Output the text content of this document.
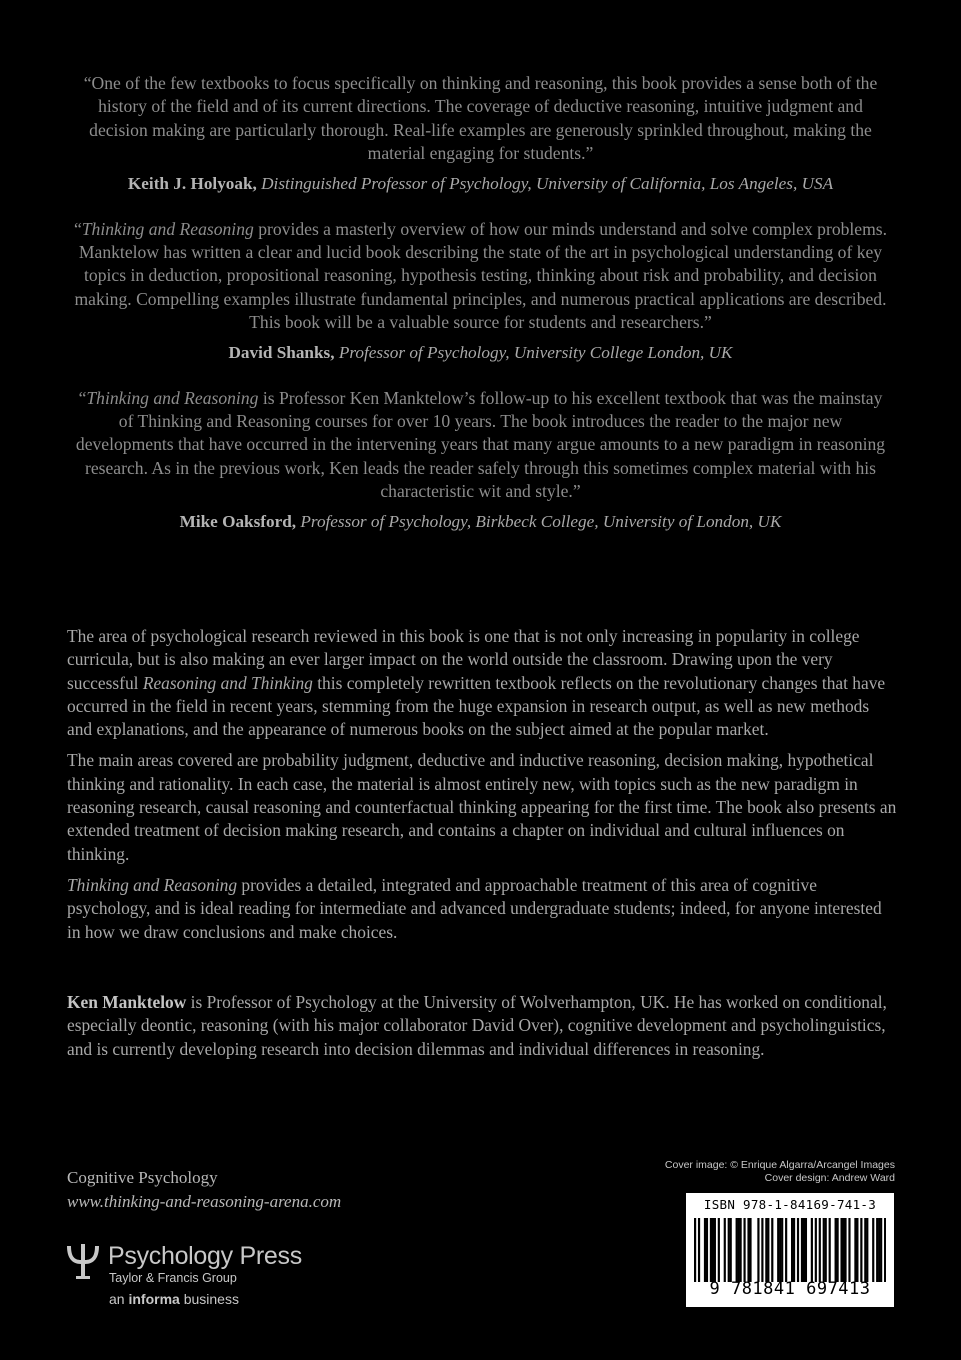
“One of the few textbooks to focus specifically on thinking and reasoning, this book provides a sense both of the history of the field and of its current directions. The coverage of deductive reasoning, intuitive judgment and decision making are particularly thorough. Real-life examples are generously sprinkled throughout, making the material engaging for students.”

Keith J. Holyoak, Distinguished Professor of Psychology, University of California, Los Angeles, USA

“Thinking and Reasoning provides a masterly overview of how our minds understand and solve complex problems. Manktelow has written a clear and lucid book describing the state of the art in psychological understanding of key topics in deduction, propositional reasoning, hypothesis testing, thinking about risk and probability, and decision making. Compelling examples illustrate fundamental principles, and numerous practical applications are described. This book will be a valuable source for students and researchers.”

David Shanks, Professor of Psychology, University College London, UK

“Thinking and Reasoning is Professor Ken Manktelow’s follow-up to his excellent textbook that was the mainstay of Thinking and Reasoning courses for over 10 years. The book introduces the reader to the major new developments that have occurred in the intervening years that many argue amounts to a new paradigm in reasoning research. As in the previous work, Ken leads the reader safely through this sometimes complex material with his characteristic wit and style.”

Mike Oaksford, Professor of Psychology, Birkbeck College, University of London, UK

The area of psychological research reviewed in this book is one that is not only increasing in popularity in college curricula, but is also making an ever larger impact on the world outside the classroom. Drawing upon the very successful Reasoning and Thinking this completely rewritten textbook reflects on the revolutionary changes that have occurred in the field in recent years, stemming from the huge expansion in research output, as well as new methods and explanations, and the appearance of numerous books on the subject aimed at the popular market.

The main areas covered are probability judgment, deductive and inductive reasoning, decision making, hypothetical thinking and rationality. In each case, the material is almost entirely new, with topics such as the new paradigm in reasoning research, causal reasoning and counterfactual thinking appearing for the first time. The book also presents an extended treatment of decision making research, and contains a chapter on individual and cultural influences on thinking.

Thinking and Reasoning provides a detailed, integrated and approachable treatment of this area of cognitive psychology, and is ideal reading for intermediate and advanced undergraduate students; indeed, for anyone interested in how we draw conclusions and make choices.

Ken Manktelow is Professor of Psychology at the University of Wolverhampton, UK. He has worked on conditional, especially deontic, reasoning (with his major collaborator David Over), cognitive development and psycholinguistics, and is currently developing research into decision dilemmas and individual differences in reasoning.

Cognitive Psychology
www.thinking-and-reasoning-arena.com
Psychology Press
Taylor & Francis Group
an informa business
Cover image: © Enrique Algarra/Arcangel Images
Cover design: Andrew Ward
ISBN 978-1-84169-741-3
9 781841 697413
